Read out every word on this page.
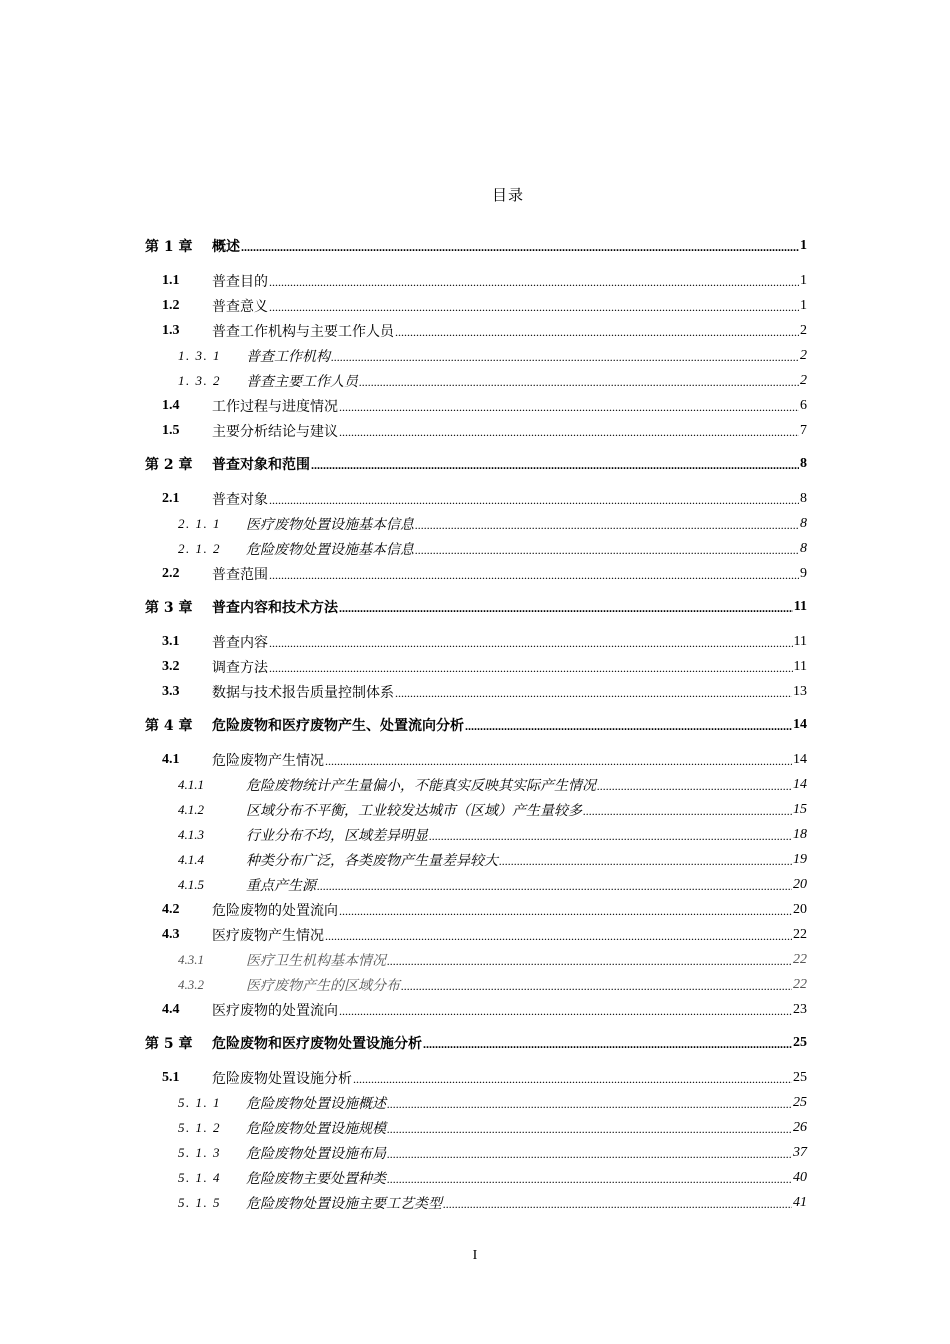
目录
第 1 章	概述 .....	1
1.1	普查目的 .....	1
1.2	普查意义 .....	1
1.3	普查工作机构与主要工作人员 .....	2
1. 3. 1	普查工作机构 .....	2
1. 3. 2	普查主要工作人员 .....	2
1.4	工作过程与进度情况 .....	6
1.5	主要分析结论与建议 .....	7
第 2 章	普查对象和范围 .....	8
2.1	普查对象 .....	8
2. 1. 1	医疗废物处置设施基本信息 .....	8
2. 1. 2	危险废物处置设施基本信息 .....	8
2.2	普查范围 .....	9
第 3 章	普查内容和技术方法 .....	11
3.1	普查内容 .....	11
3.2	调查方法 .....	11
3.3	数据与技术报告质量控制体系 .....	13
第 4 章	危险废物和医疗废物产生、处置流向分析 .....	14
4.1	危险废物产生情况 .....	14
4.1.1	危险废物统计产生量偏小，不能真实反映其实际产生情况 .....	14
4.1.2	区域分布不平衡，工业较发达城市（区域）产生量较多 .....	15
4.1.3	行业分布不均，区域差异明显 .....	18
4.1.4	种类分布广泛，各类废物产生量差异较大 .....	19
4.1.5	重点产生源 .....	20
4.2	危险废物的处置流向 .....	20
4.3	医疗废物产生情况 .....	22
4.3.1	医疗卫生机构基本情况 .....	22
4.3.2	医疗废物产生的区域分布 .....	22
4.4	医疗废物的处置流向 .....	23
第 5 章	危险废物和医疗废物处置设施分析 .....	25
5.1	危险废物处置设施分析 .....	25
5. 1. 1	危险废物处置设施概述 .....	25
5. 1. 2	危险废物处置设施规模 .....	26
5. 1. 3	危险废物处置设施布局 .....	37
5. 1. 4	危险废物主要处置种类 .....	40
5. 1. 5	危险废物处置设施主要工艺类型 .....	41
I
